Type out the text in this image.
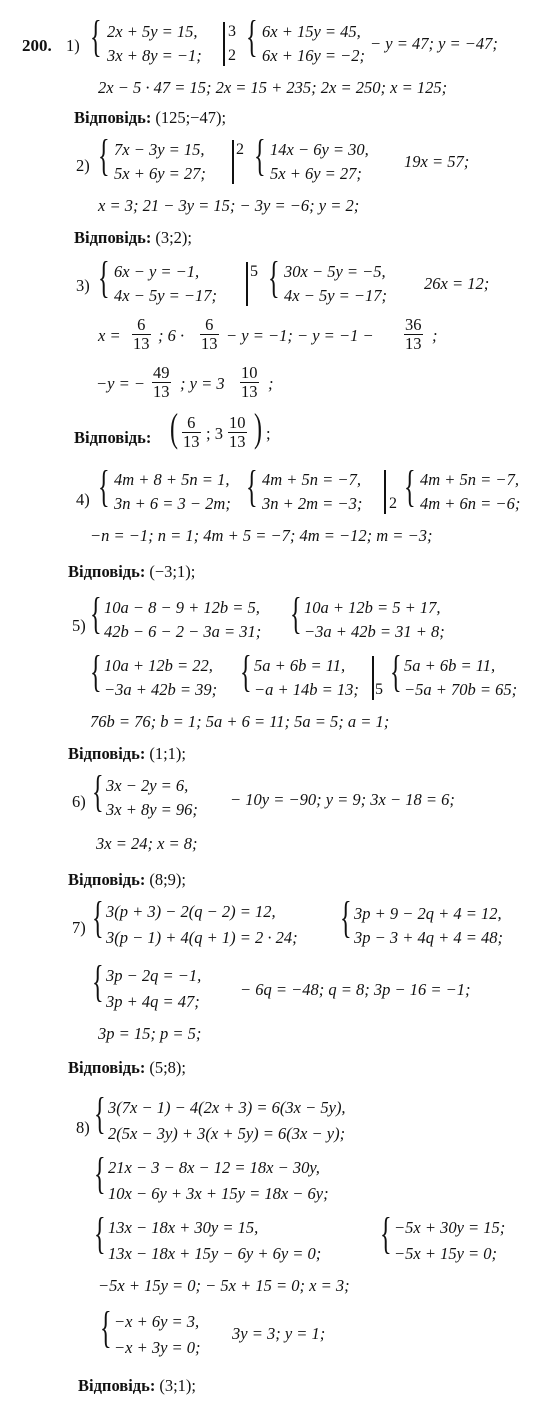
200. 1) { 2x + 5y = 15,
3x + 8y = −1;
3
2 { 6x + 15y = 45,
6x + 16y = −2;
− y = 47; y = −47;
2x − 5 · 47 = 15; 2x = 15 + 235; 2x = 250; x = 125;
Відповідь: (125;−47);
2) { 7x − 3y = 15,
5x + 6y = 27;
2 { 14x − 6y = 30,
5x + 6y = 27;
19x = 57;
x = 3; 21 − 3y = 15; − 3y = −6; y = 2;
Відповідь: (3;2);
3) { 6x − y = −1,
4x − 5y = −17;
5 { 30x − 5y = −5,
4x − 5y = −17;
26x = 12;
$x = \frac{6}{13}$ ; $6 \cdot \frac{6}{13} - y = -1$; − $y = -1 - \frac{36}{13}$ ;
−y = − $\frac{49}{13}$ ; $y = 3 \frac{10}{13}$ ;
Відповідь: ( $\frac{6}{13}$ ; $3 \frac{10}{13}$ ) ;
4) { 4m + 8 + 5n = 1,
3n + 6 = 3 − 2m; { 4m + 5n = −7,
3n + 2m = −3; 2 { 4m + 5n = −7,
4m + 6n = −6;
−n = −1; n = 1; 4m + 5 = −7; 4m = −12; m = −3;
Відповідь: (−3;1);
5) { 10a − 8 − 9 + 12b = 5,
42b − 6 − 2 − 3a = 31; { 10a + 12b = 5 + 17,
−3a + 42b = 31 + 8;
{ 10a + 12b = 22,
−3a + 42b = 39; { 5a + 6b = 11,
−a + 14b = 13; 5 { 5a + 6b = 11,
−5a + 70b = 65;
76b = 76; b = 1; 5a + 6 = 11; 5a = 5; a = 1;
Відповідь: (1;1);
6) { 3x − 2y = 6,
3x + 8y = 96;
− 10y = −90; y = 9; 3x − 18 = 6;
3x = 24; x = 8;
Відповідь: (8;9);
7) { 3(p + 3) − 2(q − 2) = 12,
3(p − 1) + 4(q + 1) = 2 · 24; { 3p + 9 − 2q + 4 = 12,
3p − 3 + 4q + 4 = 48;
{ 3p − 2q = −1,
3p + 4q = 47;
− 6q = −48; q = 8; 3p − 16 = −1;
3p = 15; p = 5;
Відповідь: (5;8);
8) { 3(7x − 1) − 4(2x + 3) = 6(3x − 5y),
2(5x − 3y) + 3(x + 5y) = 6(3x − y);
{ 21x − 3 − 8x − 12 = 18x − 30y,
10x − 6y + 3x + 15y = 18x − 6y;
{ 13x − 18x + 30y = 15,
13x − 18x + 15y − 6y + 6y = 0; { −5x + 30y = 15;
−5x + 15y = 0;
−5x + 15y = 0; − 5x + 15 = 0; x = 3;
{ −x + 6y = 3,
−x + 3y = 0;
3y = 3; y = 1;
Відповідь: (3;1);
